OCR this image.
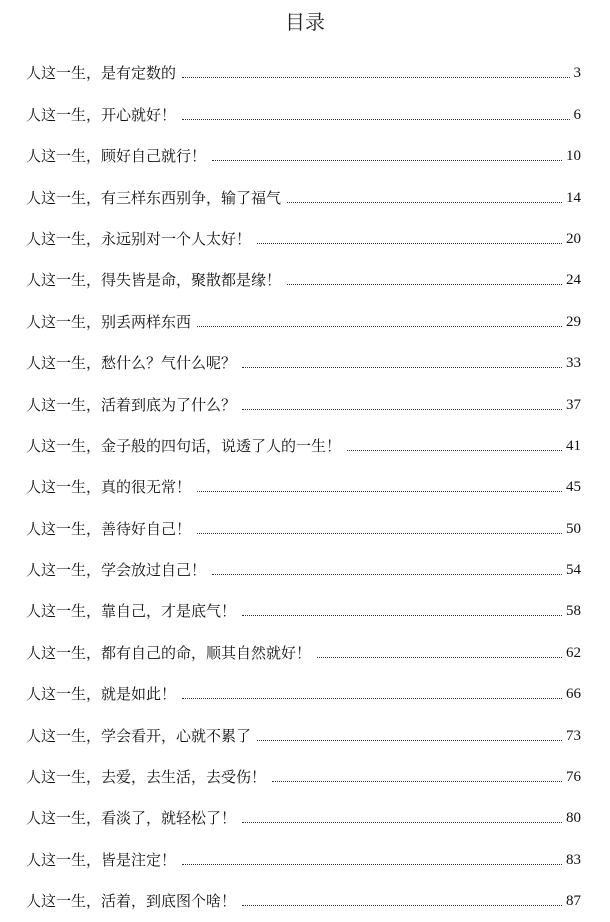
目录
人这一生，是有定数的	3
人这一生，开心就好！	6
人这一生，顾好自己就行！	10
人这一生，有三样东西别争，输了福气	14
人这一生，永远别对一个人太好！	20
人这一生，得失皆是命，聚散都是缘！	24
人这一生，别丢两样东西	29
人这一生，愁什么？气什么呢？	33
人这一生，活着到底为了什么？	37
人这一生，金子般的四句话，说透了人的一生！	41
人这一生，真的很无常！	45
人这一生，善待好自己！	50
人这一生，学会放过自己！	54
人这一生，靠自己，才是底气！	58
人这一生，都有自己的命，顺其自然就好！	62
人这一生，就是如此！	66
人这一生，学会看开，心就不累了	73
人这一生，去爱，去生活，去受伤！	76
人这一生，看淡了，就轻松了！	80
人这一生，皆是注定！	83
人这一生，活着，到底图个啥！	87
